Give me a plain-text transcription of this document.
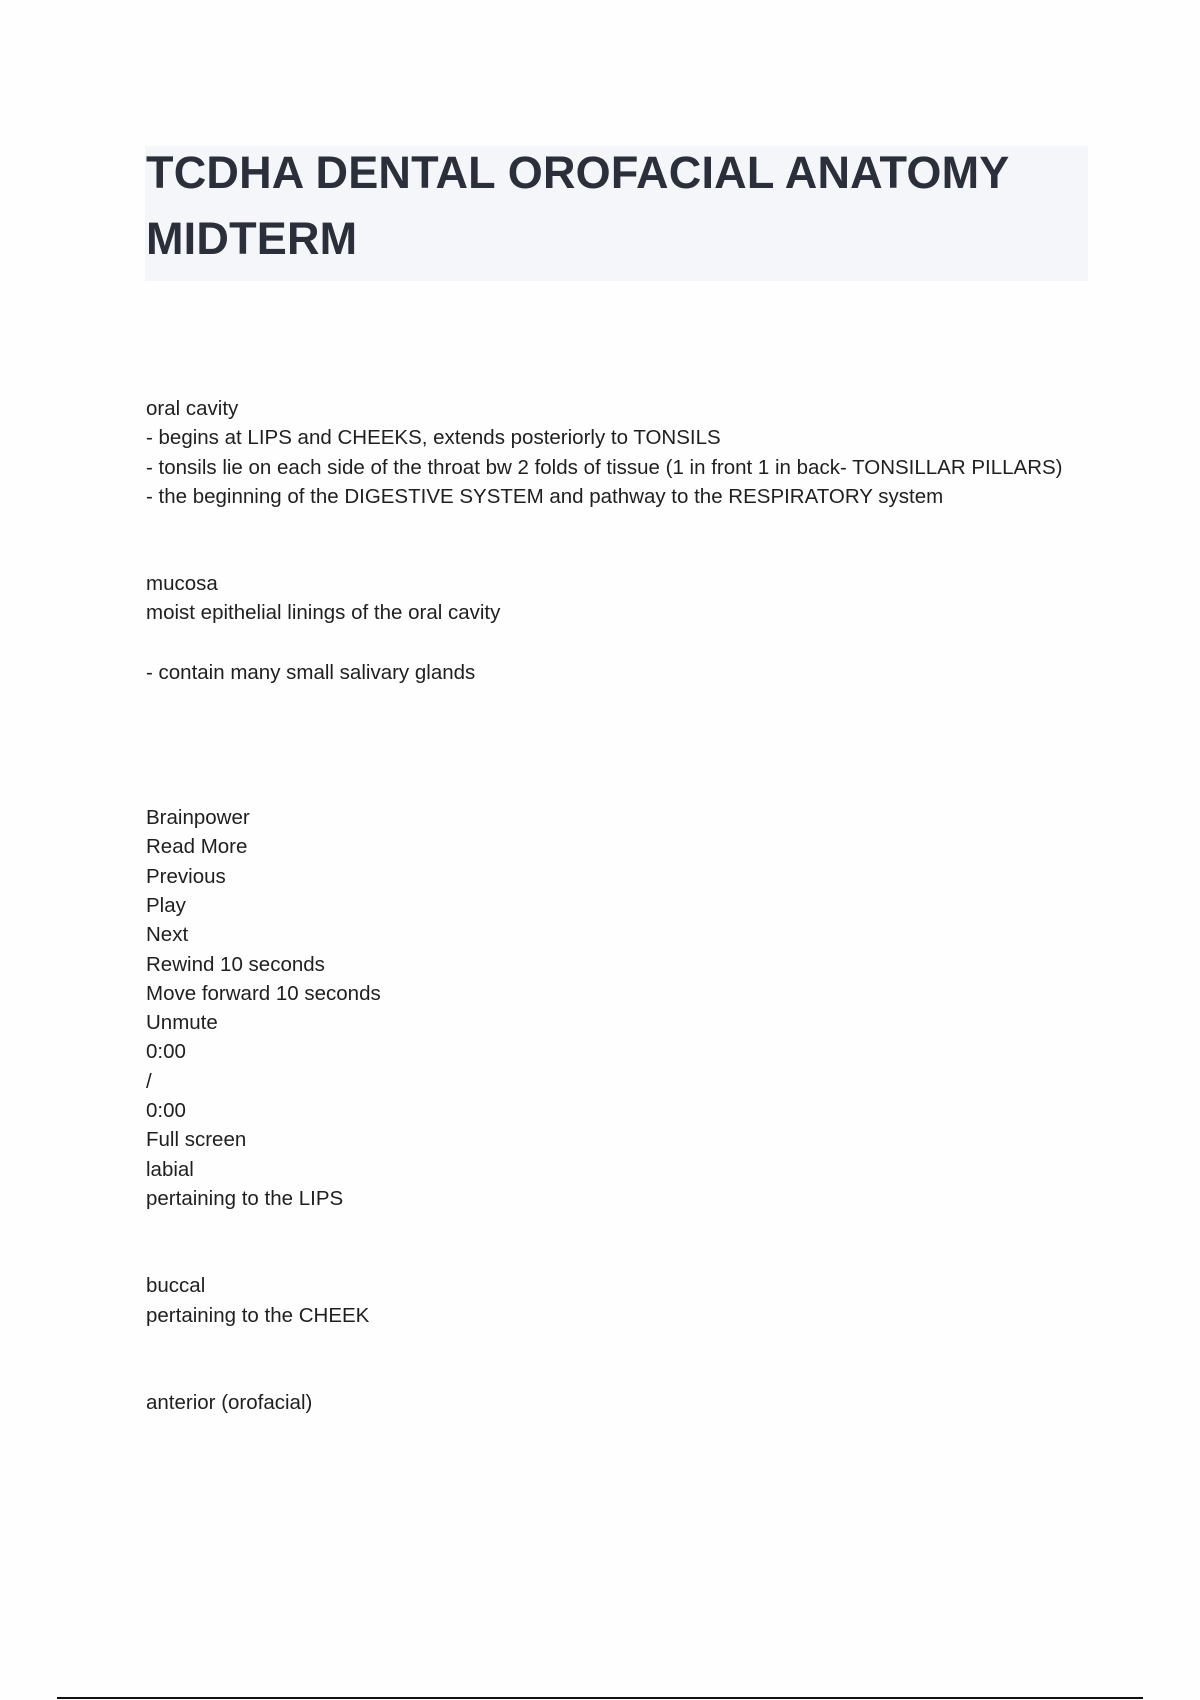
TCDHA DENTAL OROFACIAL ANATOMY MIDTERM
oral cavity
- begins at LIPS and CHEEKS, extends posteriorly to TONSILS
- tonsils lie on each side of the throat bw 2 folds of tissue (1 in front 1 in back- TONSILLAR PILLARS)
- the beginning of the DIGESTIVE SYSTEM and pathway to the RESPIRATORY system
mucosa
moist epithelial linings of the oral cavity
- contain many small salivary glands
Brainpower
Read More
Previous
Play
Next
Rewind 10 seconds
Move forward 10 seconds
Unmute
0:00
/
0:00
Full screen
labial
pertaining to the LIPS
buccal
pertaining to the CHEEK
anterior (orofacial)
